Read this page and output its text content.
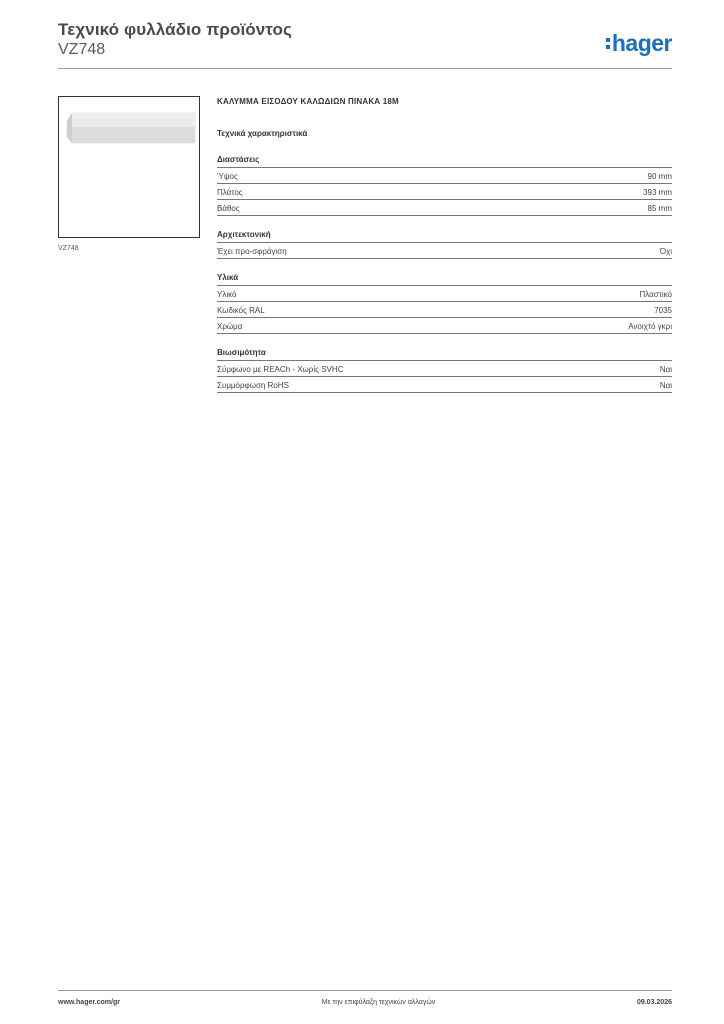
Τεχνικό φυλλάδιο προϊόντος
VZ748	hager
VZ748
ΚΑΛΥΜΜΑ ΕΙΣΟΔΟΥ ΚΑΛΩΔΙΩΝ ΠΙΝΑΚΑ 18Μ
Τεχνικά χαρακτηριστικά
Διαστάσεις
Ύψος	90 mm
Πλάτος	393 mm
Βάθος	85 mm
Αρχιτεκτονική
Έχει προ-σφράγιση	Όχι
Υλικά
Υλικό	Πλαστικό
Κωδικός RAL	7035
Χρώμα	Ανοιχτό γκρι
Βιωσιμότητα
Σύμφωνο με REACh - Χωρίς SVHC	Ναι
Συμμόρφωση RoHS	Ναι
www.hager.com/gr	Με την επιφύλαξη τεχνικών αλλαγών	09.03.2026
